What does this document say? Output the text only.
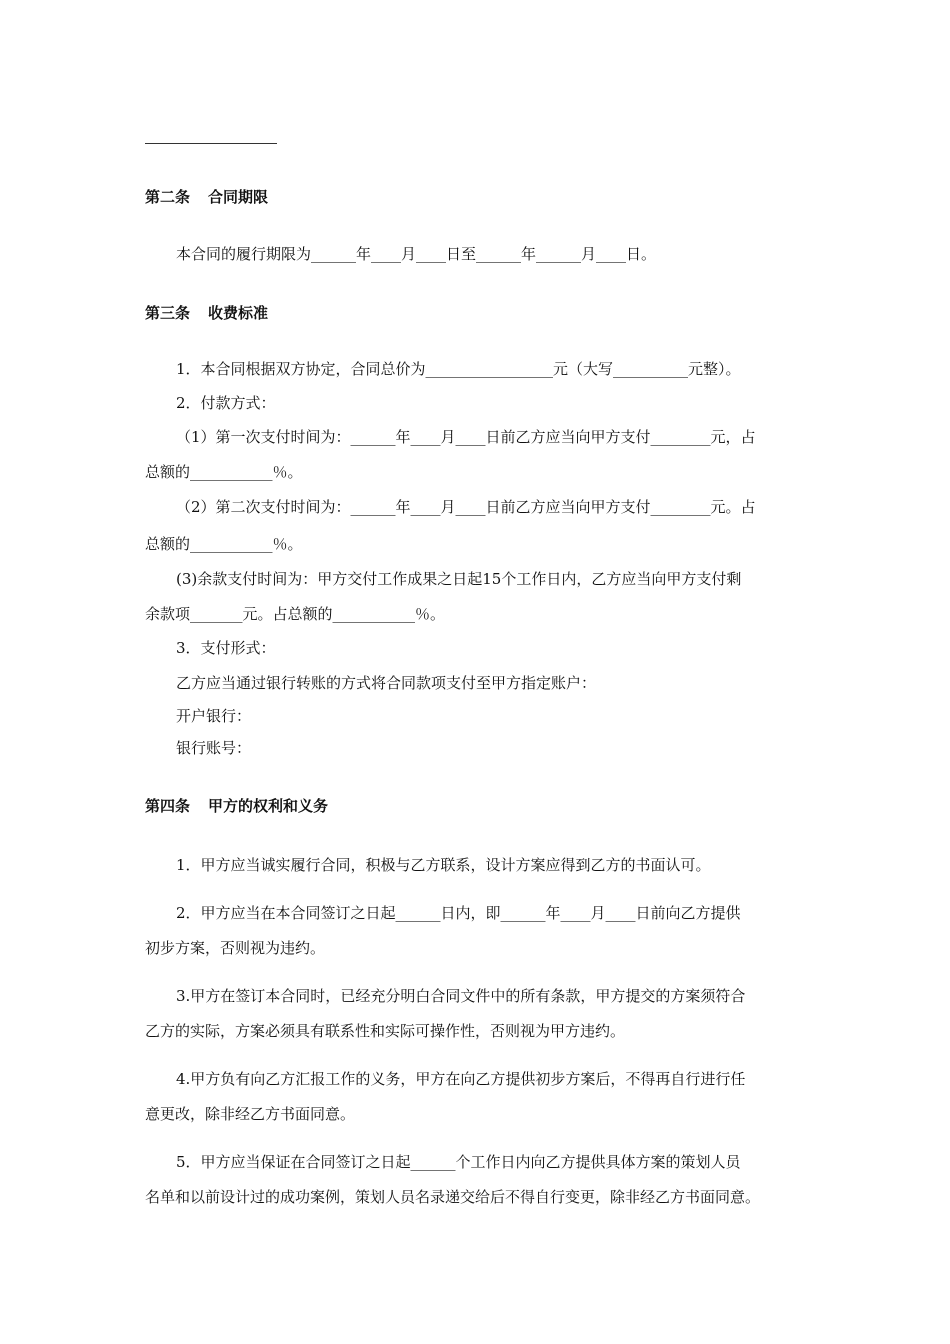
第二条 合同期限
本合同的履行期限为______年____月____日至______年______月____日。
第三条 收费标准
1．本合同根据双方协定，合同总价为_________________元（大写__________元整）。
2．付款方式：
（1）第一次支付时间为：______年____月____日前乙方应当向甲方支付________元，占
总额的___________％。
（2）第二次支付时间为：______年____月____日前乙方应当向甲方支付________元。占
总额的___________％。
(3)余款支付时间为：甲方交付工作成果之日起15个工作日内，乙方应当向甲方支付剩
余款项_______元。占总额的___________％。
3．支付形式：
乙方应当通过银行转账的方式将合同款项支付至甲方指定账户：
开户银行：
银行账号：
第四条 甲方的权利和义务
1．甲方应当诚实履行合同，积极与乙方联系，设计方案应得到乙方的书面认可。
2．甲方应当在本合同签订之日起______日内，即______年____月____日前向乙方提供
初步方案，否则视为违约。
3.甲方在签订本合同时，已经充分明白合同文件中的所有条款，甲方提交的方案须符合
乙方的实际，方案必须具有联系性和实际可操作性，否则视为甲方违约。
4.甲方负有向乙方汇报工作的义务，甲方在向乙方提供初步方案后，不得再自行进行任
意更改，除非经乙方书面同意。
5．甲方应当保证在合同签订之日起______个工作日内向乙方提供具体方案的策划人员
名单和以前设计过的成功案例，策划人员名录递交给后不得自行变更，除非经乙方书面同意。
